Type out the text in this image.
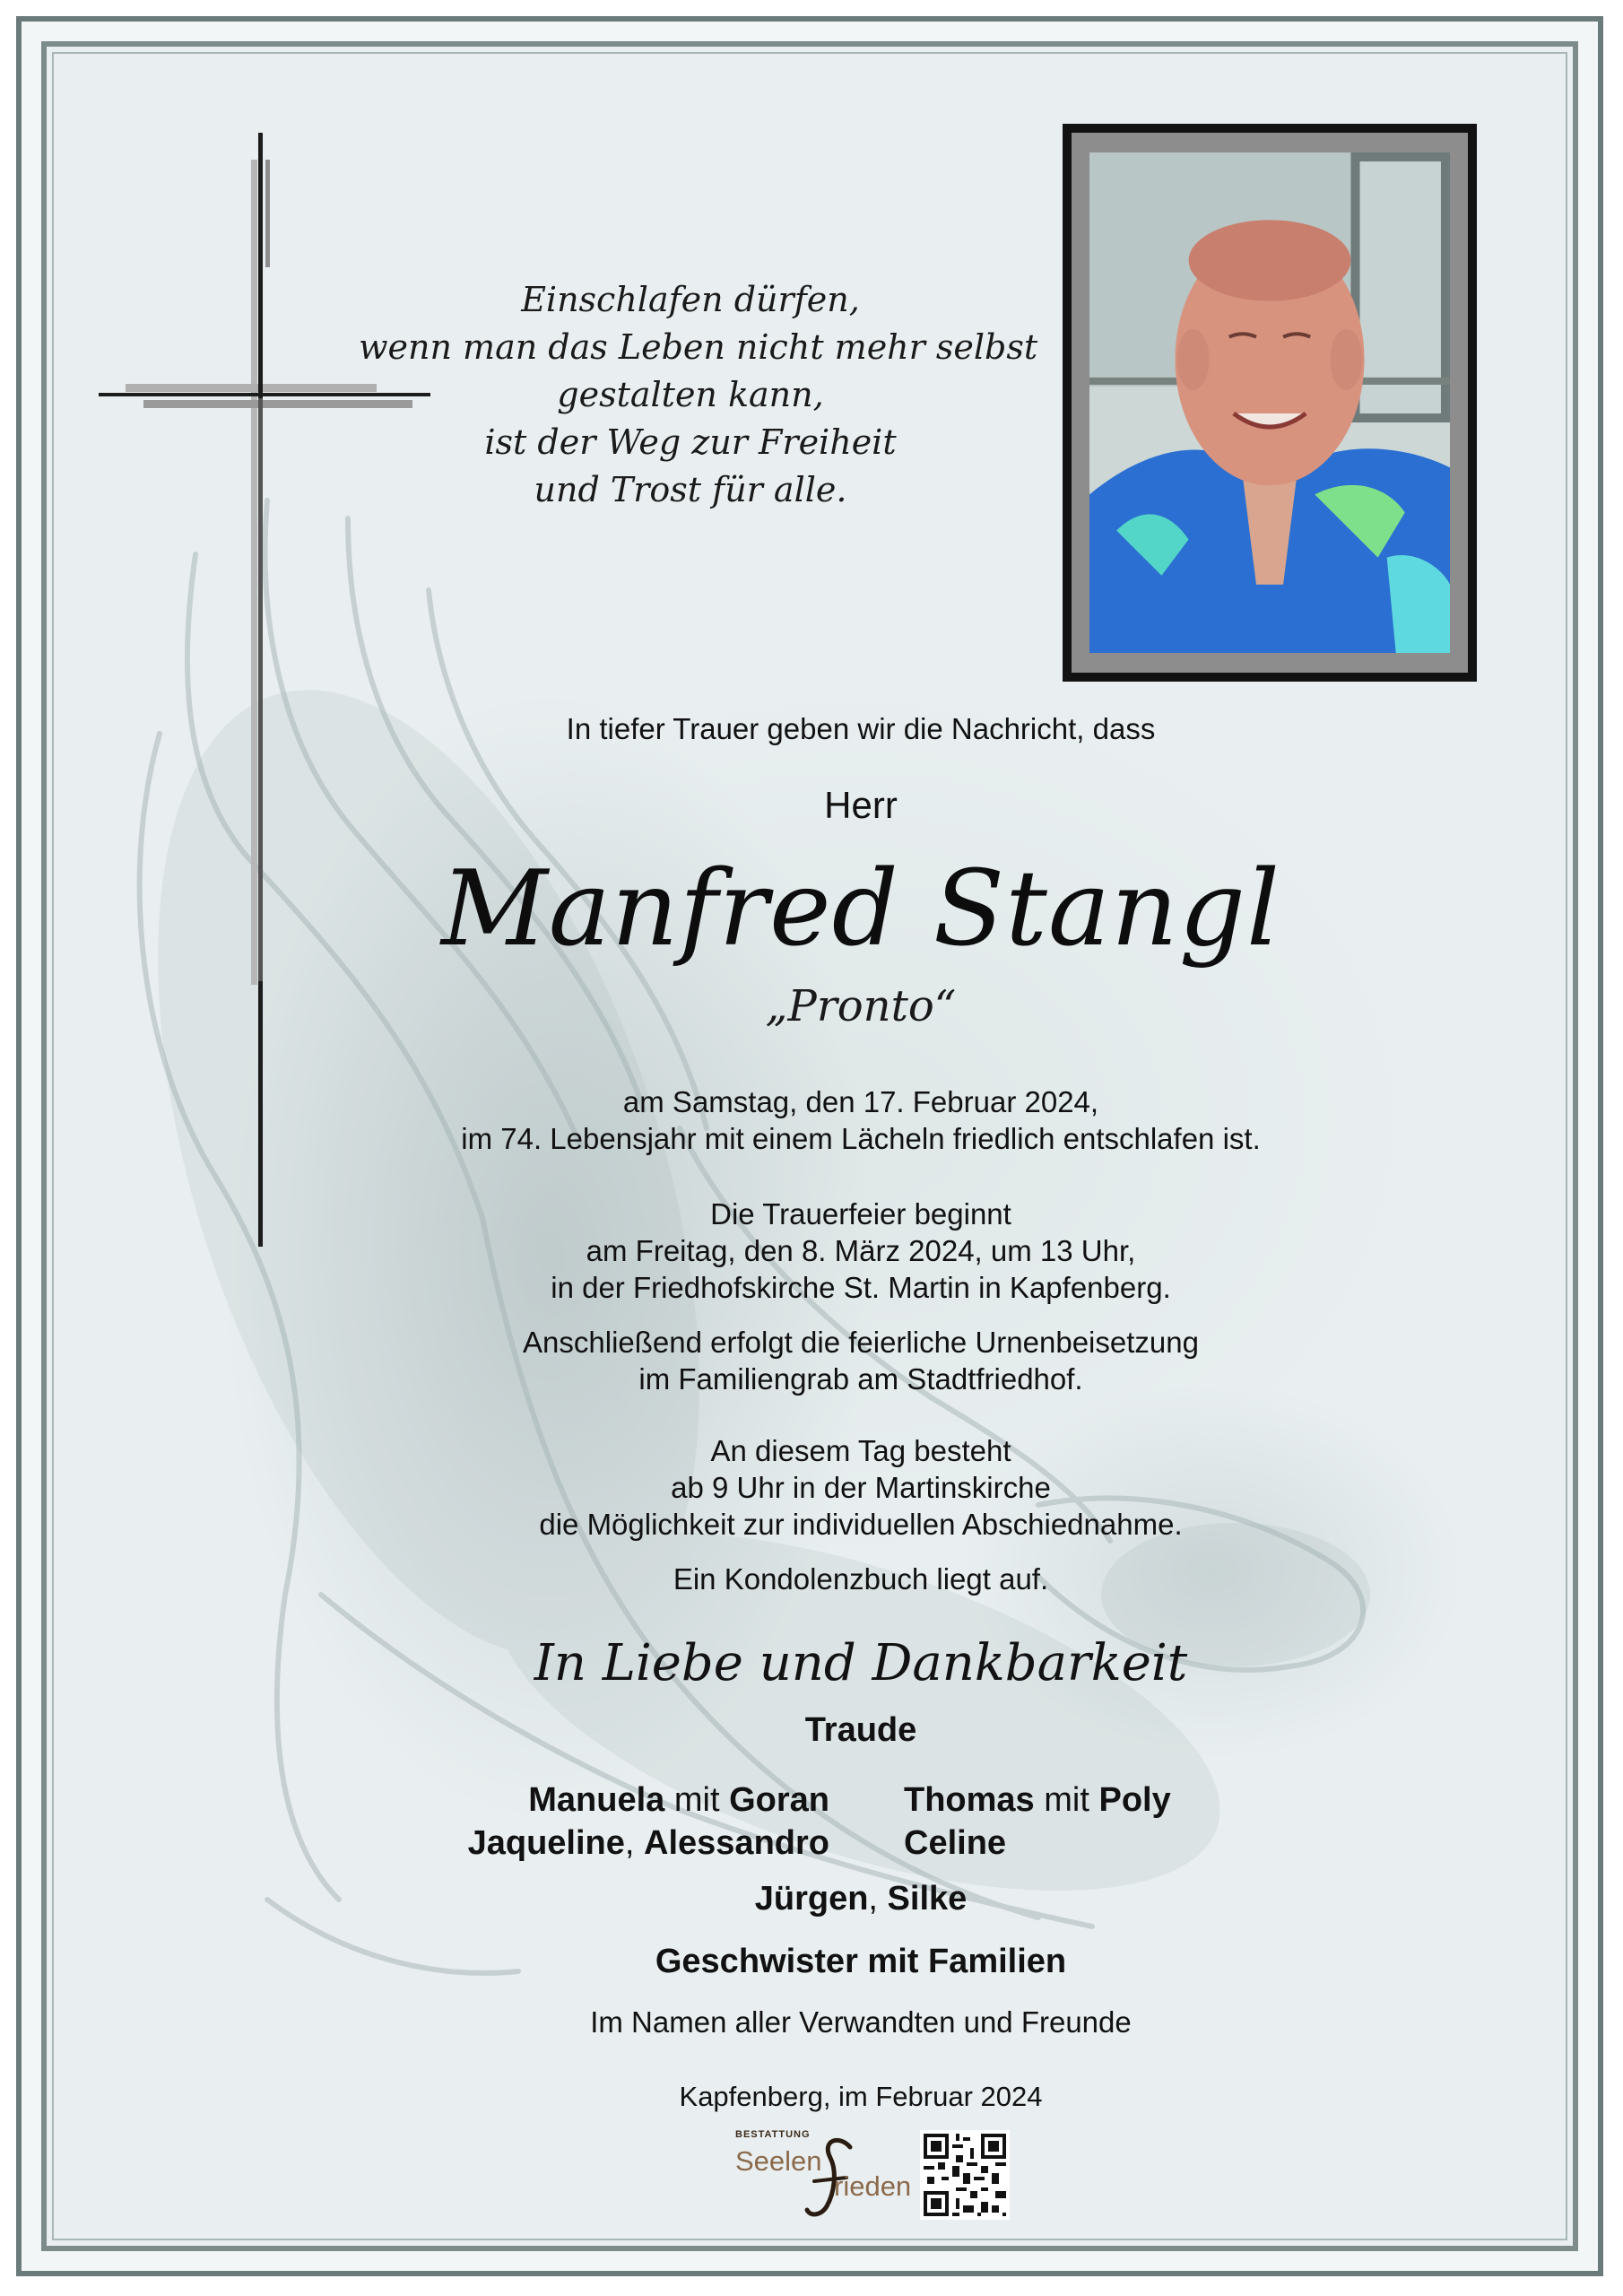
Einschlafen dürfen,
wenn man das Leben nicht mehr selbst
gestalten kann,
ist der Weg zur Freiheit
und Trost für alle.
In tiefer Trauer geben wir die Nachricht, dass
Herr
Manfred Stangl
„Pronto“
am Samstag, den 17. Februar 2024,
im 74. Lebensjahr mit einem Lächeln friedlich entschlafen ist.
Die Trauerfeier beginnt
am Freitag, den 8. März 2024, um 13 Uhr,
in der Friedhofskirche St. Martin in Kapfenberg.
Anschließend erfolgt die feierliche Urnenbeisetzung
im Familiengrab am Stadtfriedhof.
An diesem Tag besteht
ab 9 Uhr in der Martinskirche
die Möglichkeit zur individuellen Abschiednahme.
Ein Kondolenzbuch liegt auf.
In Liebe und Dankbarkeit
Traude
Manuela mit Goran
Jaqueline, Alessandro
Thomas mit Poly
Celine
Jürgen, Silke
Geschwister mit Familien
Im Namen aller Verwandten und Freunde
Kapfenberg, im Februar 2024
BESTATTUNG
Seelen
rieden
